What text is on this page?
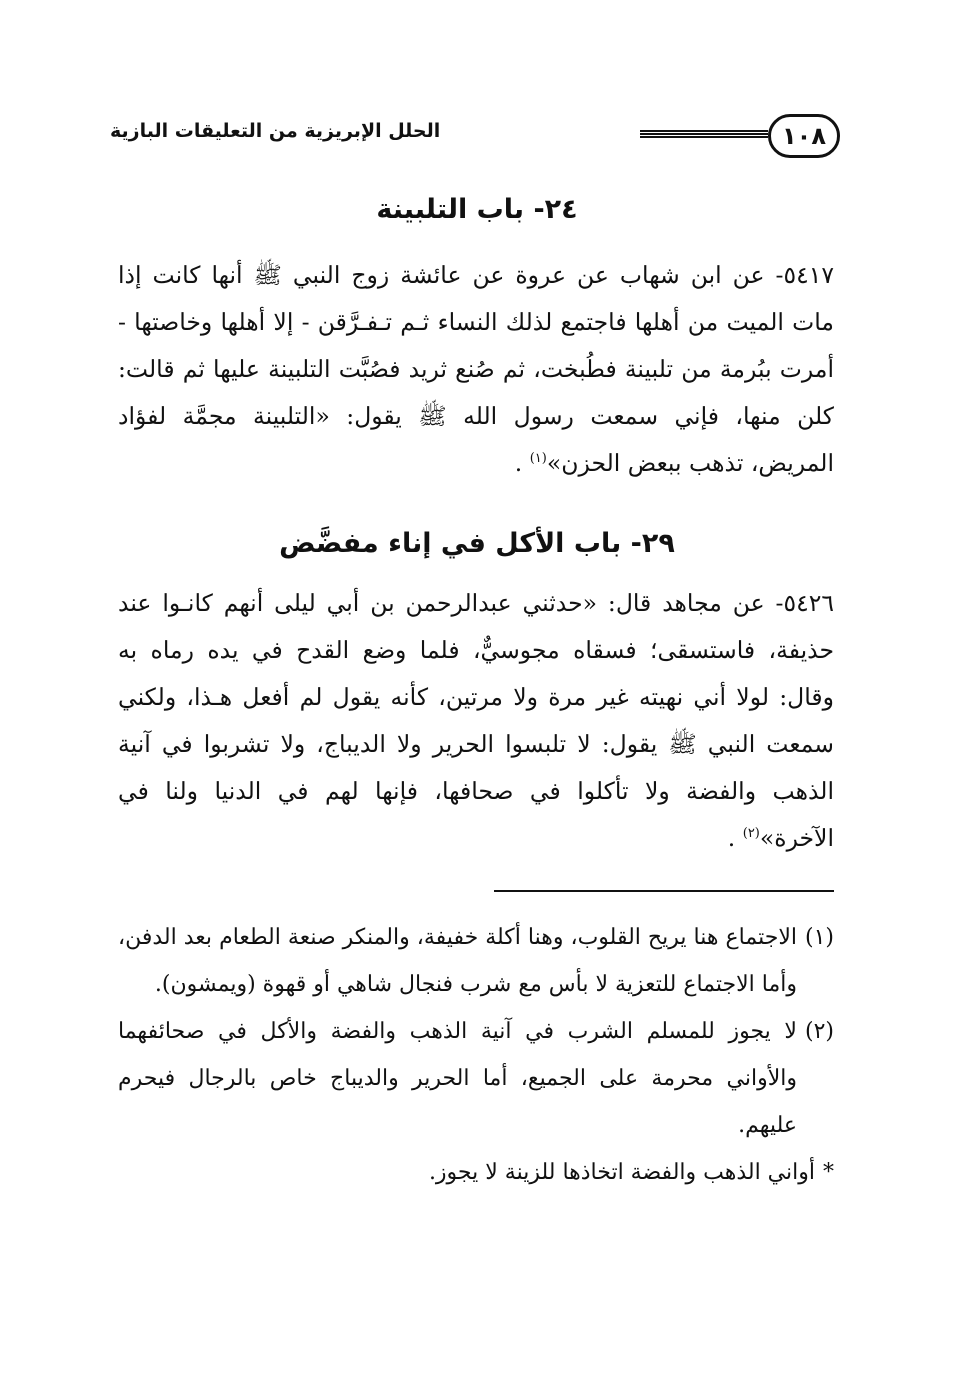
١٠٨
الحلل الإبريزية من التعليقات البازية
٢٤- باب التلبينة

٥٤١٧- عن ابن شهاب عن عروة عن عائشة زوج النبي ﷺ أنها كانت إذا مات الميت من أهلها فاجتمع لذلك النساء ثـم تـفـرَّقن - إلا أهلها وخاصتها - أمرت ببُرمة من تلبينة فطُبخت، ثم صُنع ثريد فصُبَّت التلبينة عليها ثم قالت: كلن منها، فإني سمعت رسول الله ﷺ يقول: «التلبينة مجمَّة لفؤاد المريض، تذهب ببعض الحزن»$^{(١)}$ .

٢٩- باب الأكل في إناء مفضَّض

٥٤٢٦- عن مجاهد قال: «حدثني عبدالرحمن بن أبي ليلى أنهم كانـوا عند حذيفة، فاستسقى؛ فسقاه مجوسيٌّ، فلما وضع القدح في يده رماه به وقال: لولا أني نهيته غير مرة ولا مرتين، كأنه يقول لم أفعل هـذا، ولكني سمعت النبي ﷺ يقول: لا تلبسوا الحرير ولا الديباج، ولا تشربوا في آنية الذهب والفضة ولا تأكلوا في صحافها، فإنها لهم في الدنيا ولنا في الآخرة»$^{(٢)}$ .

(١)
الاجتماع هنا يريح القلوب، وهنا أكلة خفيفة، والمنكر صنعة الطعام بعد الدفن، وأما الاجتماع للتعزية لا بأس مع شرب فنجال شاهي أو قهوة (ويمشون).
(٢)
لا يجوز للمسلم الشرب في آنية الذهب والفضة والأكل في صحائفهما والأواني محرمة على الجميع، أما الحرير والديباج خاص بالرجال فيحرم عليهم.
*
أواني الذهب والفضة اتخاذها للزينة لا يجوز.
